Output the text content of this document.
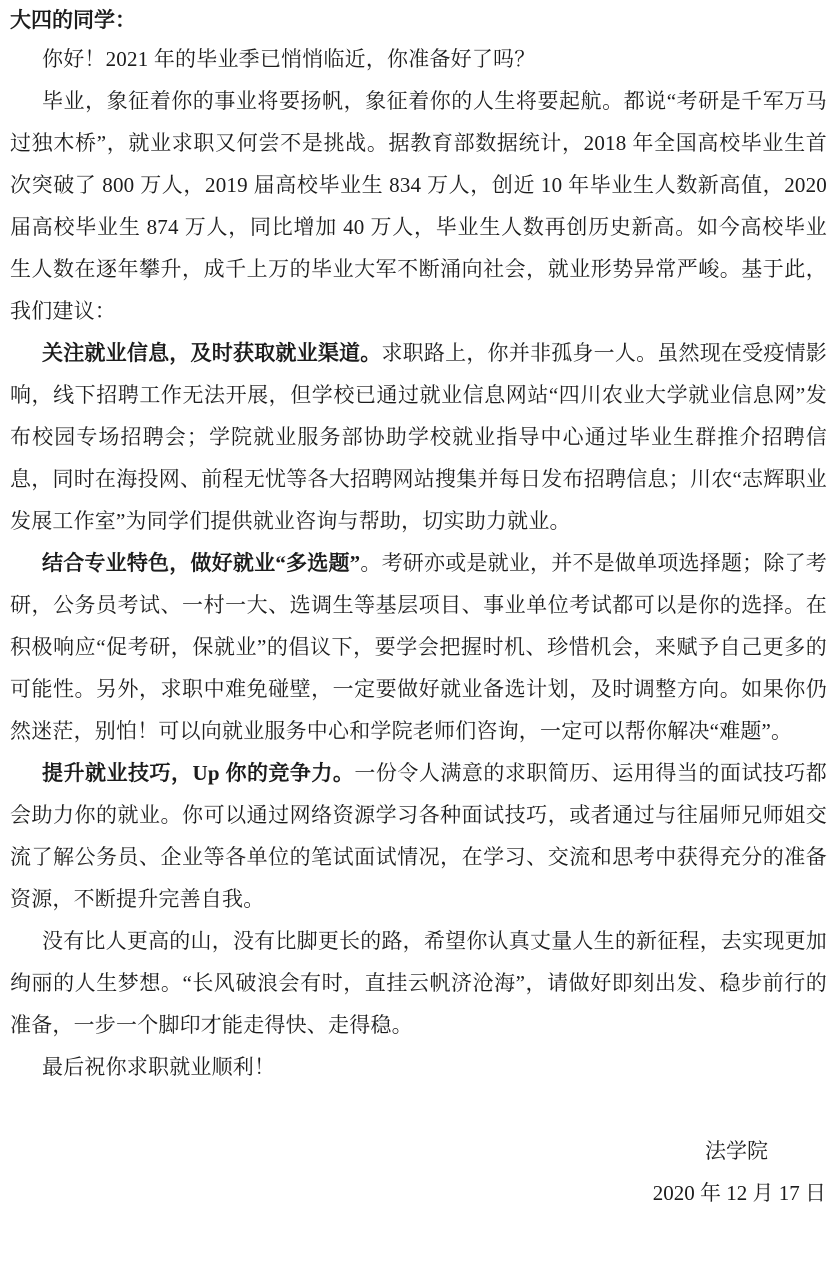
大四的同学：

你好！2021 年的毕业季已悄悄临近，你准备好了吗？

毕业，象征着你的事业将要扬帆，象征着你的人生将要起航。都说“考研是千军万马过独木桥”，就业求职又何尝不是挑战。据教育部数据统计，2018 年全国高校毕业生首次突破了 800 万人，2019 届高校毕业生 834 万人，创近 10 年毕业生人数新高值，2020 届高校毕业生 874 万人，同比增加 40 万人，毕业生人数再创历史新高。如今高校毕业生人数在逐年攀升，成千上万的毕业大军不断涌向社会，就业形势异常严峻。基于此，我们建议：

关注就业信息，及时获取就业渠道。求职路上，你并非孤身一人。虽然现在受疫情影响，线下招聘工作无法开展，但学校已通过就业信息网站“四川农业大学就业信息网”发布校园专场招聘会；学院就业服务部协助学校就业指导中心通过毕业生群推介招聘信息，同时在海投网、前程无忧等各大招聘网站搜集并每日发布招聘信息；川农“志辉职业发展工作室”为同学们提供就业咨询与帮助，切实助力就业。

结合专业特色，做好就业“多选题”。考研亦或是就业，并不是做单项选择题；除了考研，公务员考试、一村一大、选调生等基层项目、事业单位考试都可以是你的选择。在积极响应“促考研，保就业”的倡议下，要学会把握时机、珍惜机会，来赋予自己更多的可能性。另外，求职中难免碰壁，一定要做好就业备选计划，及时调整方向。如果你仍然迷茫，别怕！可以向就业服务中心和学院老师们咨询，一定可以帮你解决“难题”。

提升就业技巧，Up 你的竞争力。一份令人满意的求职简历、运用得当的面试技巧都会助力你的就业。你可以通过网络资源学习各种面试技巧，或者通过与往届师兄师姐交流了解公务员、企业等各单位的笔试面试情况，在学习、交流和思考中获得充分的准备资源，不断提升完善自我。

没有比人更高的山，没有比脚更长的路，希望你认真丈量人生的新征程，去实现更加绚丽的人生梦想。“长风破浪会有时，直挂云帆济沧海”，请做好即刻出发、稳步前行的准备，一步一个脚印才能走得快、走得稳。

最后祝你求职就业顺利！

法学院

2020 年 12 月 17 日
